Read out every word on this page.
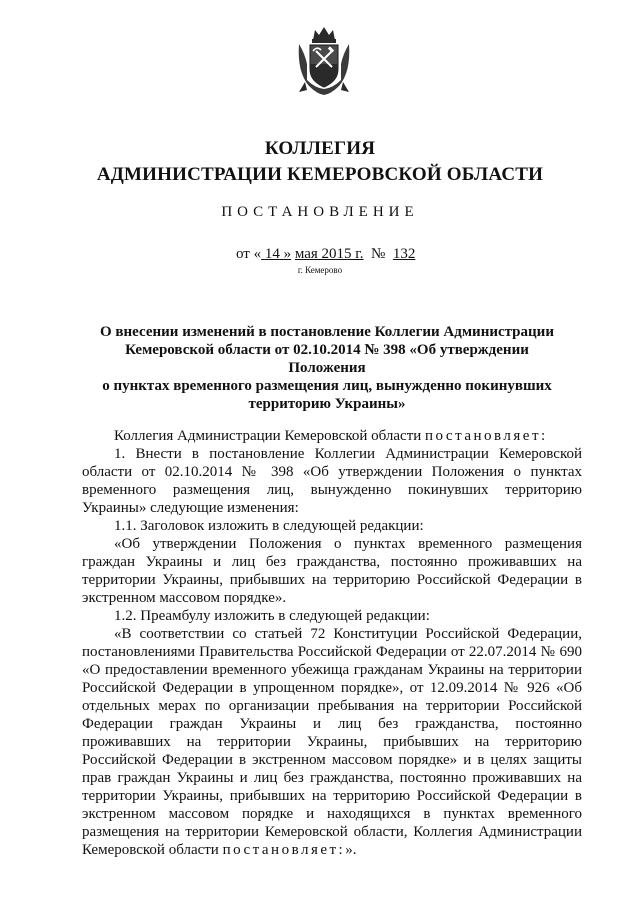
КОЛЛЕГИЯ
АДМИНИСТРАЦИИ КЕМЕРОВСКОЙ ОБЛАСТИ
ПОСТАНОВЛЕНИЕ
от « 14 » мая 2015 г. № 132
г. Кемерово
О внесении изменений в постановление Коллегии Администрации
Кемеровской области от 02.10.2014 № 398 «Об утверждении Положения
о пунктах временного размещения лиц, вынужденно покинувших
территорию Украины»

Коллегия Администрации Кемеровской области постановляет:

1. Внести в постановление Коллегии Администрации Кемеровской области от 02.10.2014 № 398 «Об утверждении Положения о пунктах временного размещения лиц, вынужденно покинувших территорию Украины» следующие изменения:

1.1. Заголовок изложить в следующей редакции:

«Об утверждении Положения о пунктах временного размещения граждан Украины и лиц без гражданства, постоянно проживавших на территории Украины, прибывших на территорию Российской Федерации в экстренном массовом порядке».

1.2. Преамбулу изложить в следующей редакции:

«В соответствии со статьей 72 Конституции Российской Федерации, постановлениями Правительства Российской Федерации от 22.07.2014 № 690 «О предоставлении временного убежища гражданам Украины на территории Российской Федерации в упрощенном порядке», от 12.09.2014 № 926 «Об отдельных мерах по организации пребывания на территории Российской Федерации граждан Украины и лиц без гражданства, постоянно проживавших на территории Украины, прибывших на территорию Российской Федерации в экстренном массовом порядке» и в целях защиты прав граждан Украины и лиц без гражданства, постоянно проживавших на территории Украины, прибывших на территорию Российской Федерации в экстренном массовом порядке и находящихся в пунктах временного размещения на территории Кемеровской области, Коллегия Администрации Кемеровской области постановляет:».
